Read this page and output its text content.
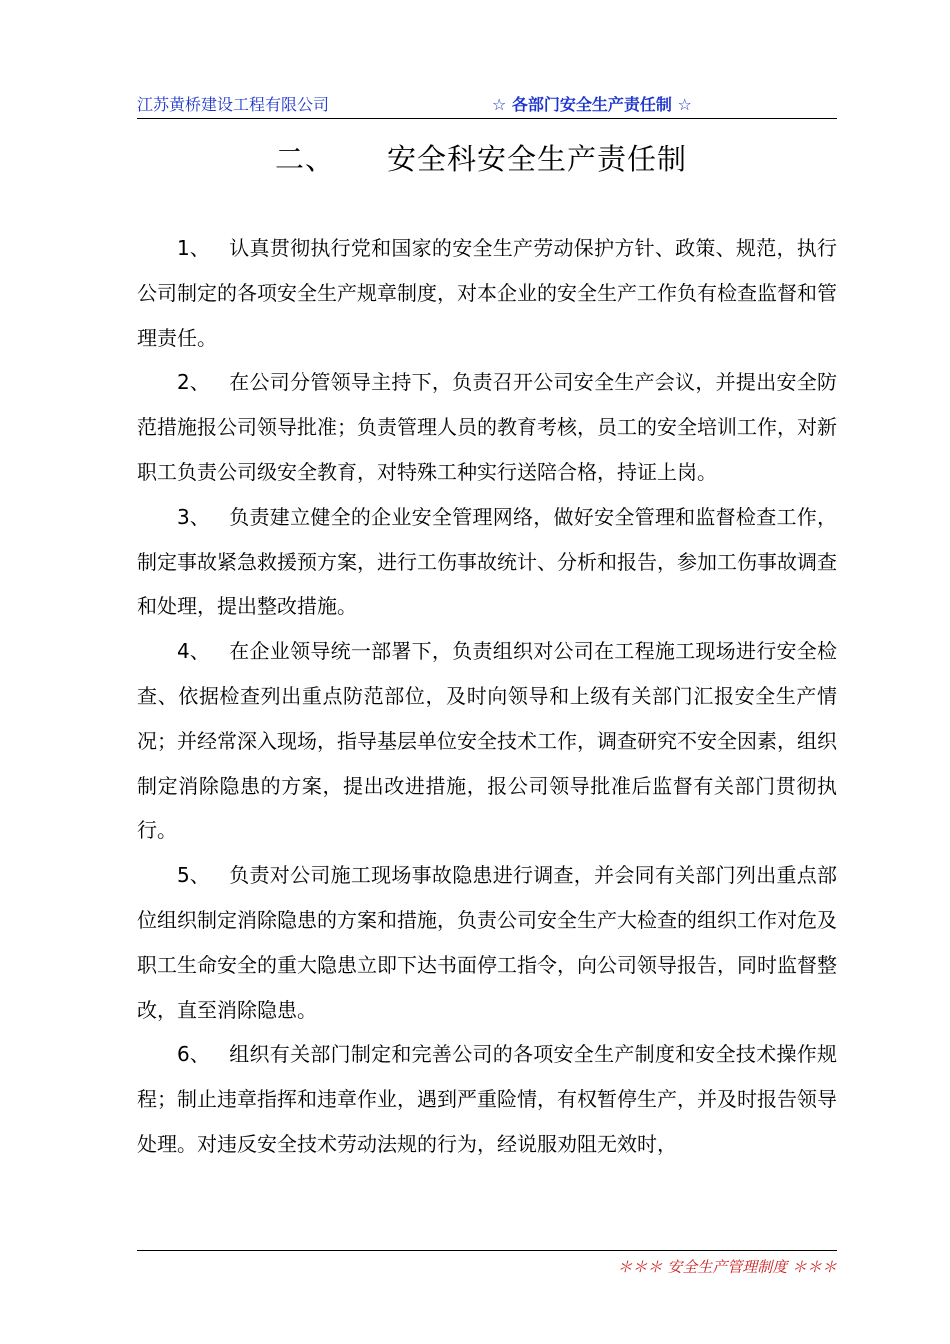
江苏黄桥建设工程有限公司	☆ 各部门安全生产责任制 ☆
二、 安全科安全生产责任制

1、 认真贯彻执行党和国家的安全生产劳动保护方针、政策、规范，执行公司制定的各项安全生产规章制度，对本企业的安全生产工作负有检查监督和管理责任。

2、 在公司分管领导主持下，负责召开公司安全生产会议，并提出安全防范措施报公司领导批准；负责管理人员的教育考核，员工的安全培训工作，对新职工负责公司级安全教育，对特殊工种实行送陪合格，持证上岗。

3、 负责建立健全的企业安全管理网络，做好安全管理和监督检查工作，制定事故紧急救援预方案，进行工伤事故统计、分析和报告，参加工伤事故调查和处理，提出整改措施。

4、 在企业领导统一部署下，负责组织对公司在工程施工现场进行安全检查、依据检查列出重点防范部位，及时向领导和上级有关部门汇报安全生产情况；并经常深入现场，指导基层单位安全技术工作，调查研究不安全因素，组织制定消除隐患的方案，提出改进措施，报公司领导批准后监督有关部门贯彻执行。

5、 负责对公司施工现场事故隐患进行调查，并会同有关部门列出重点部位组织制定消除隐患的方案和措施，负责公司安全生产大检查的组织工作对危及职工生命安全的重大隐患立即下达书面停工指令，向公司领导报告，同时监督整改，直至消除隐患。

6、 组织有关部门制定和完善公司的各项安全生产制度和安全技术操作规程；制止违章指挥和违章作业，遇到严重险情，有权暂停生产，并及时报告领导处理。对违反安全技术劳动法规的行为，经说服劝阻无效时，

＊＊＊ 安全生产管理制度 ＊＊＊
